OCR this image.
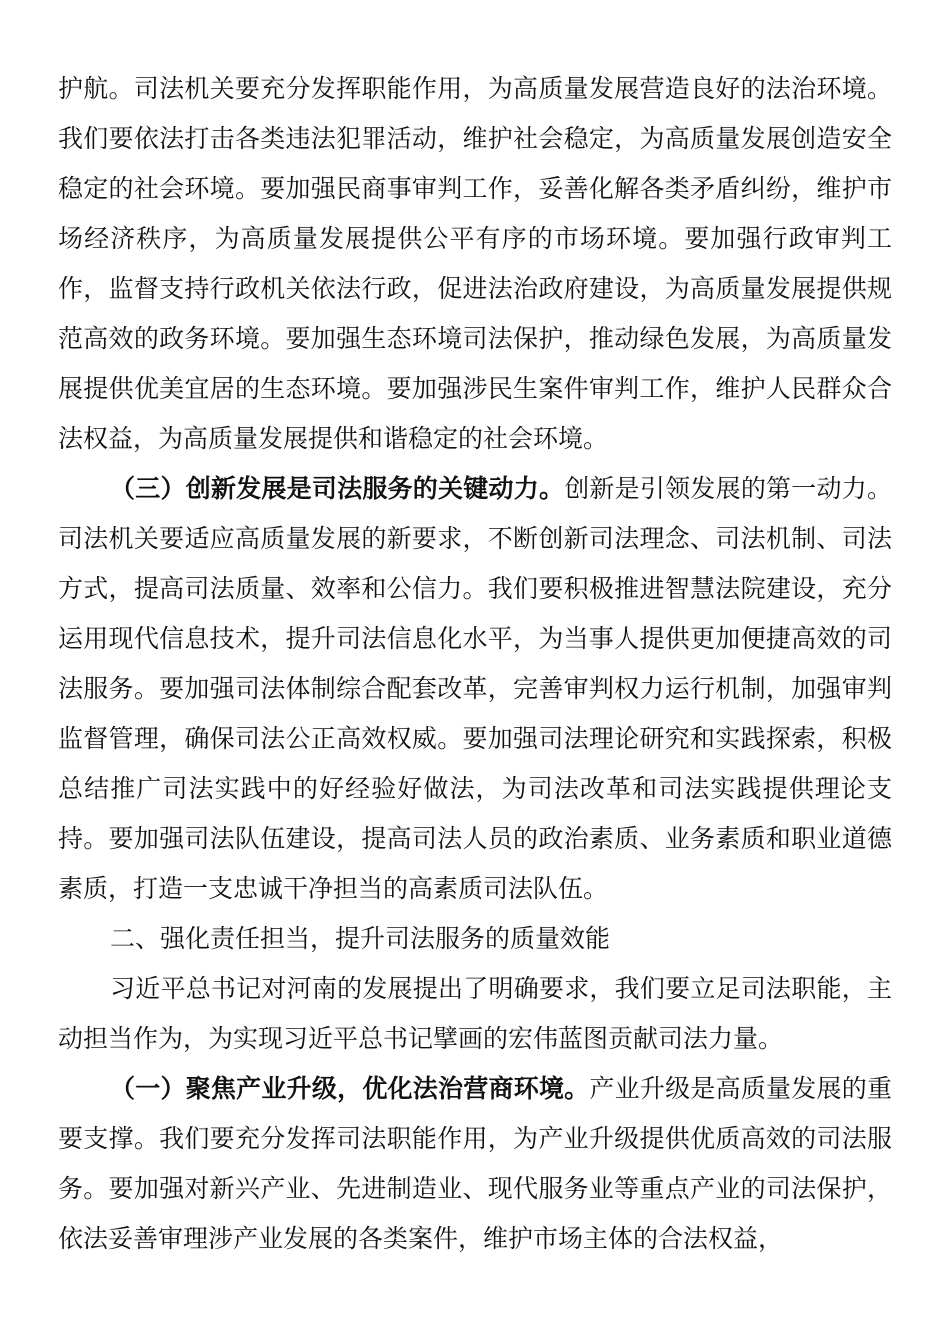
护航。司法机关要充分发挥职能作用，为高质量发展营造良好的法治环境。我们要依法打击各类违法犯罪活动，维护社会稳定，为高质量发展创造安全稳定的社会环境。要加强民商事审判工作，妥善化解各类矛盾纠纷，维护市场经济秩序，为高质量发展提供公平有序的市场环境。要加强行政审判工作，监督支持行政机关依法行政，促进法治政府建设，为高质量发展提供规范高效的政务环境。要加强生态环境司法保护，推动绿色发展，为高质量发展提供优美宜居的生态环境。要加强涉民生案件审判工作，维护人民群众合法权益，为高质量发展提供和谐稳定的社会环境。

（三）创新发展是司法服务的关键动力。创新是引领发展的第一动力。司法机关要适应高质量发展的新要求，不断创新司法理念、司法机制、司法方式，提高司法质量、效率和公信力。我们要积极推进智慧法院建设，充分运用现代信息技术，提升司法信息化水平，为当事人提供更加便捷高效的司法服务。要加强司法体制综合配套改革，完善审判权力运行机制，加强审判监督管理，确保司法公正高效权威。要加强司法理论研究和实践探索，积极总结推广司法实践中的好经验好做法，为司法改革和司法实践提供理论支持。要加强司法队伍建设，提高司法人员的政治素质、业务素质和职业道德素质，打造一支忠诚干净担当的高素质司法队伍。

二、强化责任担当，提升司法服务的质量效能

习近平总书记对河南的发展提出了明确要求，我们要立足司法职能，主动担当作为，为实现习近平总书记擘画的宏伟蓝图贡献司法力量。

（一）聚焦产业升级，优化法治营商环境。产业升级是高质量发展的重要支撑。我们要充分发挥司法职能作用，为产业升级提供优质高效的司法服务。要加强对新兴产业、先进制造业、现代服务业等重点产业的司法保护，依法妥善审理涉产业发展的各类案件，维护市场主体的合法权益，
